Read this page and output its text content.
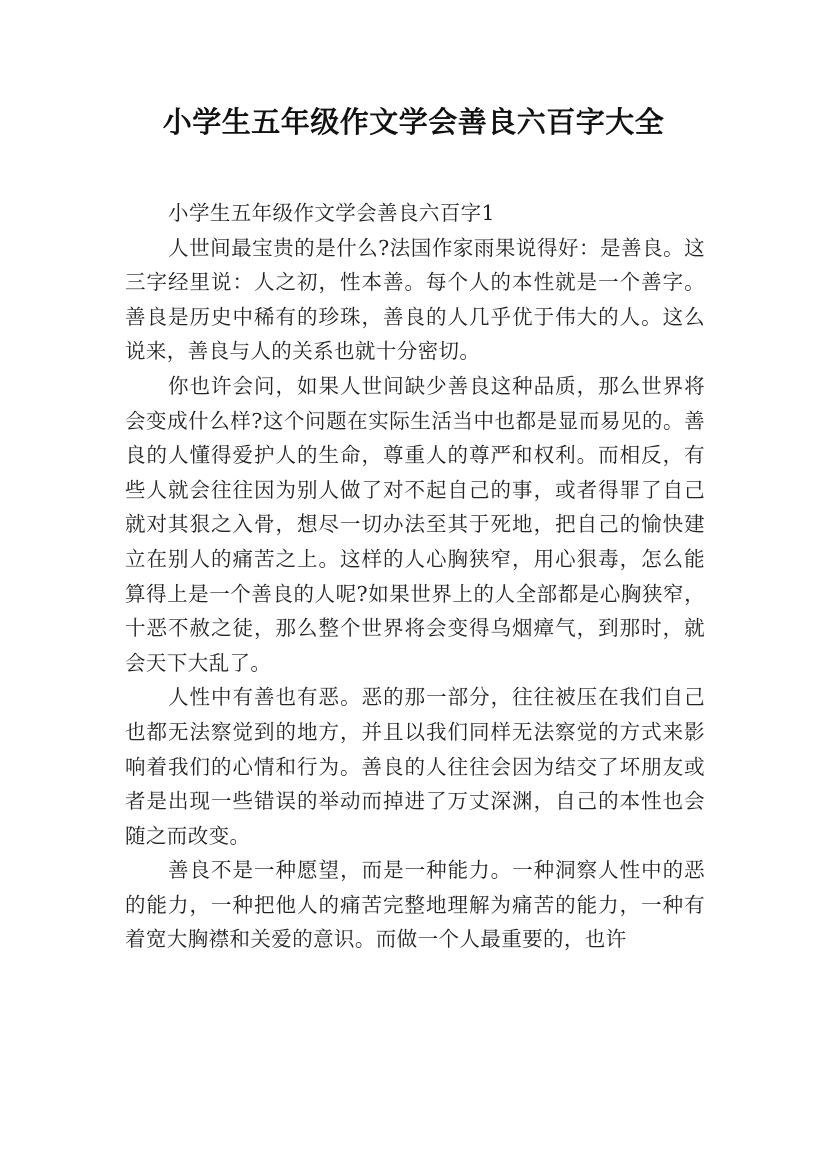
小学生五年级作文学会善良六百字大全

小学生五年级作文学会善良六百字1

人世间最宝贵的是什么?法国作家雨果说得好：是善良。这三字经里说：人之初，性本善。每个人的本性就是一个善字。善良是历史中稀有的珍珠，善良的人几乎优于伟大的人。这么说来，善良与人的关系也就十分密切。

你也许会问，如果人世间缺少善良这种品质，那么世界将会变成什么样?这个问题在实际生活当中也都是显而易见的。善良的人懂得爱护人的生命，尊重人的尊严和权利。而相反，有些人就会往往因为别人做了对不起自己的事，或者得罪了自己就对其狠之入骨，想尽一切办法至其于死地，把自己的愉快建立在别人的痛苦之上。这样的人心胸狭窄，用心狠毒，怎么能算得上是一个善良的人呢?如果世界上的人全部都是心胸狭窄，十恶不赦之徒，那么整个世界将会变得乌烟瘴气，到那时，就会天下大乱了。

人性中有善也有恶。恶的那一部分，往往被压在我们自己也都无法察觉到的地方，并且以我们同样无法察觉的方式来影响着我们的心情和行为。善良的人往往会因为结交了坏朋友或者是出现一些错误的举动而掉进了万丈深渊，自己的本性也会随之而改变。

善良不是一种愿望，而是一种能力。一种洞察人性中的恶的能力，一种把他人的痛苦完整地理解为痛苦的能力，一种有着宽大胸襟和关爱的意识。而做一个人最重要的，也许
